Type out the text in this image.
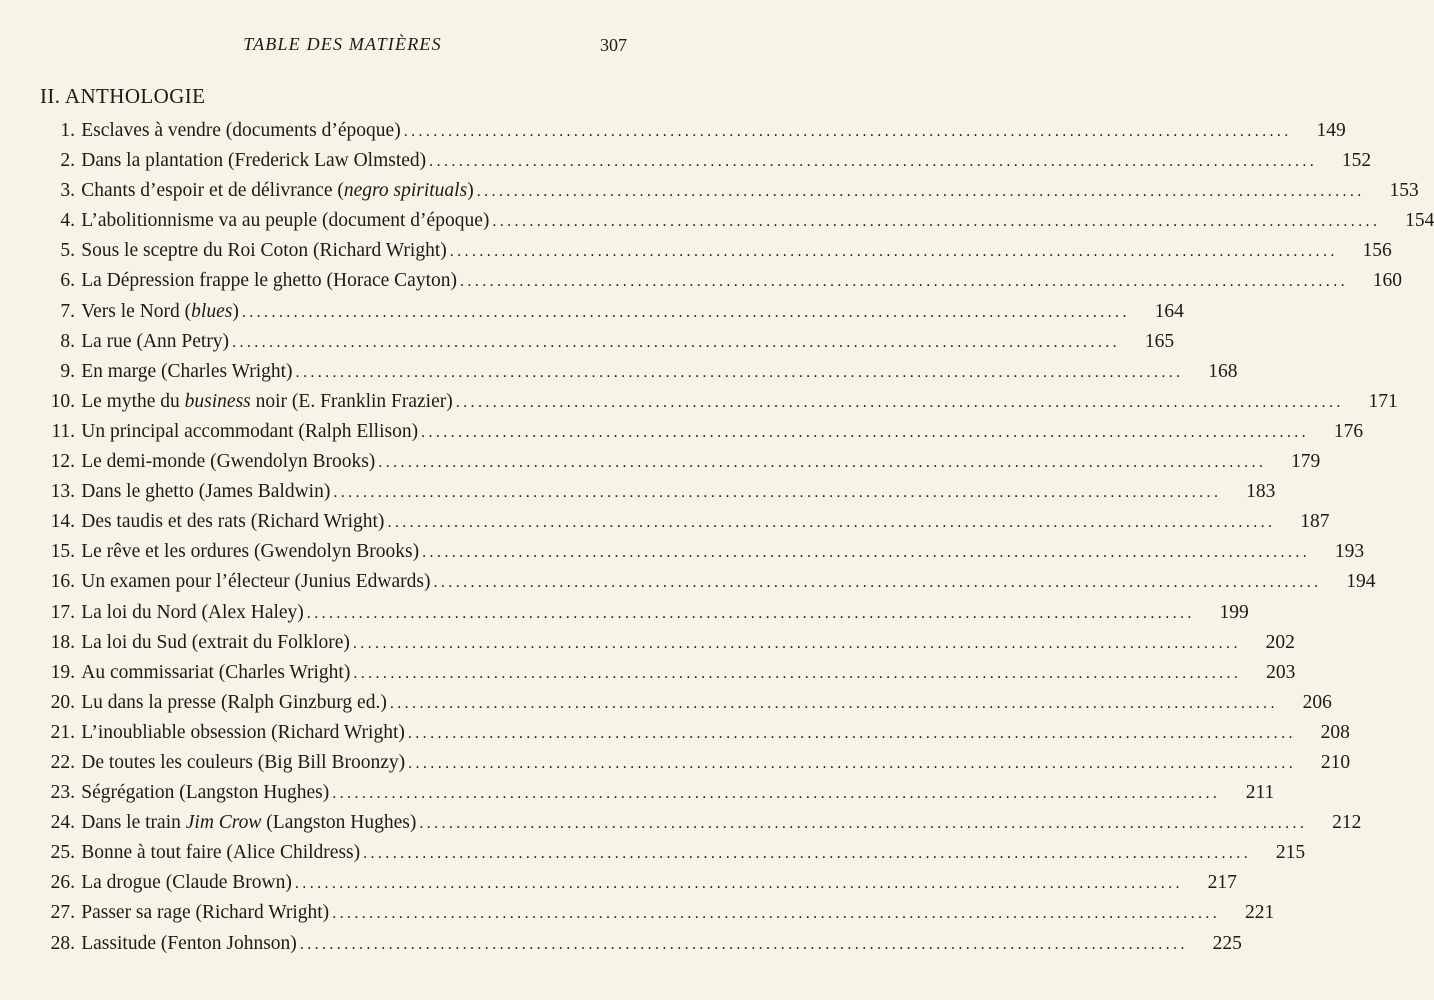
TABLE DES MATIÈRES	307
II. ANTHOLOGIE
1. Esclaves à vendre (documents d’époque) .....	149
2. Dans la plantation (Frederick Law Olmsted) .....	152
3. Chants d’espoir et de délivrance (negro spirituals) .....	153
4. L’abolitionnisme va au peuple (document d’époque) .....	154
5. Sous le sceptre du Roi Coton (Richard Wright) .....	156
6. La Dépression frappe le ghetto (Horace Cayton) .....	160
7. Vers le Nord (blues) .....	164
8. La rue (Ann Petry) .....	165
9. En marge (Charles Wright) .....	168
10. Le mythe du business noir (E. Franklin Frazier) .....	171
11. Un principal accommodant (Ralph Ellison) .....	176
12. Le demi-monde (Gwendolyn Brooks) .....	179
13. Dans le ghetto (James Baldwin) .....	183
14. Des taudis et des rats (Richard Wright) .....	187
15. Le rêve et les ordures (Gwendolyn Brooks) .....	193
16. Un examen pour l’électeur (Junius Edwards) .....	194
17. La loi du Nord (Alex Haley) .....	199
18. La loi du Sud (extrait du Folklore) .....	202
19. Au commissariat (Charles Wright) .....	203
20. Lu dans la presse (Ralph Ginzburg ed.) .....	206
21. L’inoubliable obsession (Richard Wright) .....	208
22. De toutes les couleurs (Big Bill Broonzy) .....	210
23. Ségrégation (Langston Hughes) .....	211
24. Dans le train Jim Crow (Langston Hughes) .....	212
25. Bonne à tout faire (Alice Childress) .....	215
26. La drogue (Claude Brown) .....	217
27. Passer sa rage (Richard Wright) .....	221
28. Lassitude (Fenton Johnson) .....	225
